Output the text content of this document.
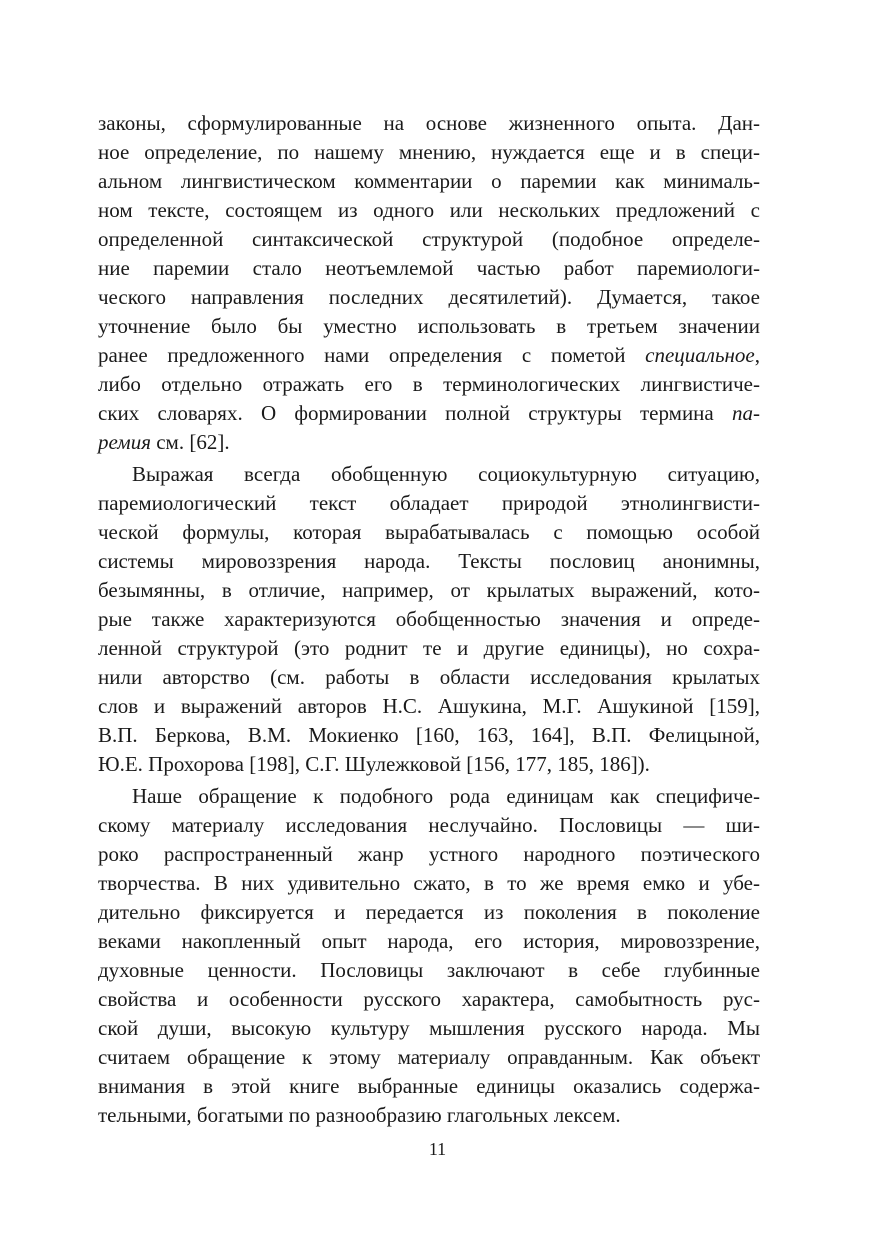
законы, сформулированные на основе жизненного опыта. Дан-
ное определение, по нашему мнению, нуждается еще и в специ-
альном лингвистическом комментарии о паремии как минималь-
ном тексте, состоящем из одного или нескольких предложений с
определенной синтаксической структурой (подобное определе-
ние паремии стало неотъемлемой частью работ паремиологи-
ческого направления последних десятилетий). Думается, такое
уточнение было бы уместно использовать в третьем значении
ранее предложенного нами определения с пометой специальное,
либо отдельно отражать его в терминологических лингвистиче-
ских словарях. О формировании полной структуры термина па-
ремия см. [62].
Выражая всегда обобщенную социокультурную ситуацию,
паремиологический текст обладает природой этнолингвисти-
ческой формулы, которая вырабатывалась с помощью особой
системы мировоззрения народа. Тексты пословиц анонимны,
безымянны, в отличие, например, от крылатых выражений, кото-
рые также характеризуются обобщенностью значения и опреде-
ленной структурой (это роднит те и другие единицы), но сохра-
нили авторство (см. работы в области исследования крылатых
слов и выражений авторов Н.С. Ашукина, М.Г. Ашукиной [159],
В.П. Беркова, В.М. Мокиенко [160, 163, 164], В.П. Фелицыной,
Ю.Е. Прохорова [198], С.Г. Шулежковой [156, 177, 185, 186]).
Наше обращение к подобного рода единицам как специфиче-
скому материалу исследования неслучайно. Пословицы — ши-
роко распространенный жанр устного народного поэтического
творчества. В них удивительно сжато, в то же время емко и убе-
дительно фиксируется и передается из поколения в поколение
веками накопленный опыт народа, его история, мировоззрение,
духовные ценности. Пословицы заключают в себе глубинные
свойства и особенности русского характера, самобытность рус-
ской души, высокую культуру мышления русского народа. Мы
считаем обращение к этому материалу оправданным. Как объект
внимания в этой книге выбранные единицы оказались содержа-
тельными, богатыми по разнообразию глагольных лексем.
11
